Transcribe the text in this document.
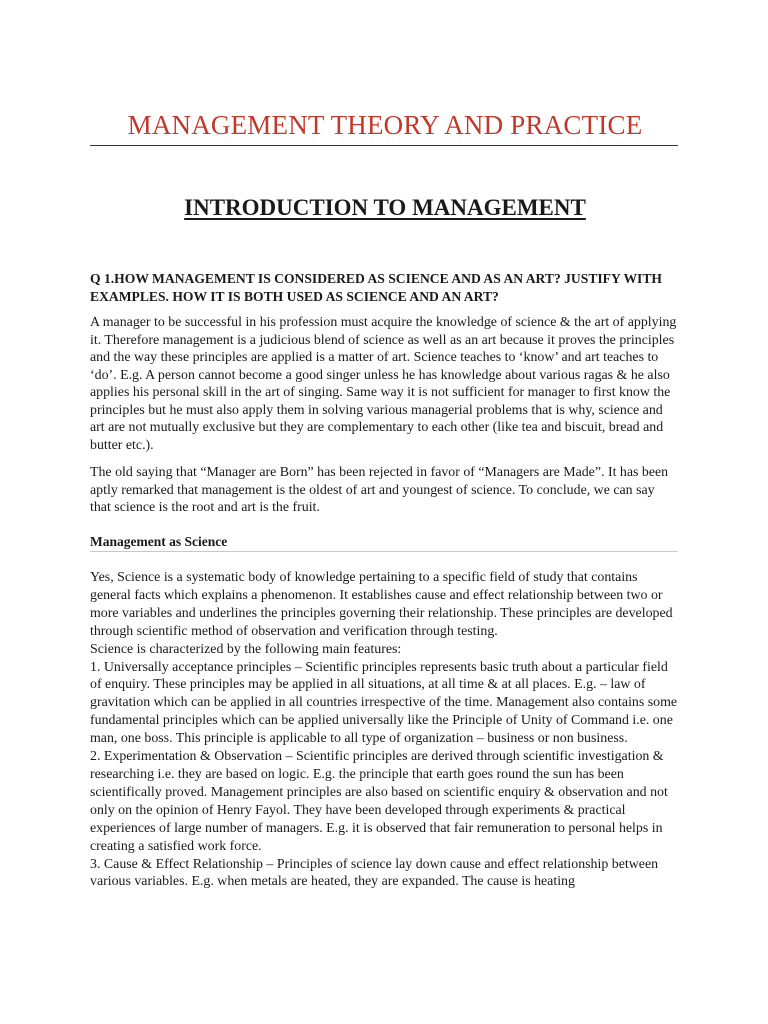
MANAGEMENT THEORY AND PRACTICE
INTRODUCTION TO MANAGEMENT

Q 1.HOW MANAGEMENT IS CONSIDERED AS SCIENCE AND AS AN ART? JUSTIFY WITH EXAMPLES. HOW IT IS BOTH USED AS SCIENCE AND AN ART?

A manager to be successful in his profession must acquire the knowledge of science & the art of applying it. Therefore management is a judicious blend of science as well as an art because it proves the principles and the way these principles are applied is a matter of art. Science teaches to ‘know’ and art teaches to ‘do’. E.g. A person cannot become a good singer unless he has knowledge about various ragas & he also applies his personal skill in the art of singing. Same way it is not sufficient for manager to first know the principles but he must also apply them in solving various managerial problems that is why, science and art are not mutually exclusive but they are complementary to each other (like tea and biscuit, bread and butter etc.).

The old saying that “Manager are Born” has been rejected in favor of “Managers are Made”. It has been aptly remarked that management is the oldest of art and youngest of science. To conclude, we can say that science is the root and art is the fruit.

Management as Science

Yes, Science is a systematic body of knowledge pertaining to a specific field of study that contains general facts which explains a phenomenon. It establishes cause and effect relationship between two or more variables and underlines the principles governing their relationship. These principles are developed through scientific method of observation and verification through testing.

Science is characterized by the following main features:

1. Universally acceptance principles – Scientific principles represents basic truth about a particular field of enquiry. These principles may be applied in all situations, at all time & at all places. E.g. – law of gravitation which can be applied in all countries irrespective of the time. Management also contains some fundamental principles which can be applied universally like the Principle of Unity of Command i.e. one man, one boss. This principle is applicable to all type of organization – business or non business.

2. Experimentation & Observation – Scientific principles are derived through scientific investigation & researching i.e. they are based on logic. E.g. the principle that earth goes round the sun has been scientifically proved. Management principles are also based on scientific enquiry & observation and not only on the opinion of Henry Fayol. They have been developed through experiments & practical experiences of large number of managers. E.g. it is observed that fair remuneration to personal helps in creating a satisfied work force.

3. Cause & Effect Relationship – Principles of science lay down cause and effect relationship between various variables. E.g. when metals are heated, they are expanded. The cause is heating
